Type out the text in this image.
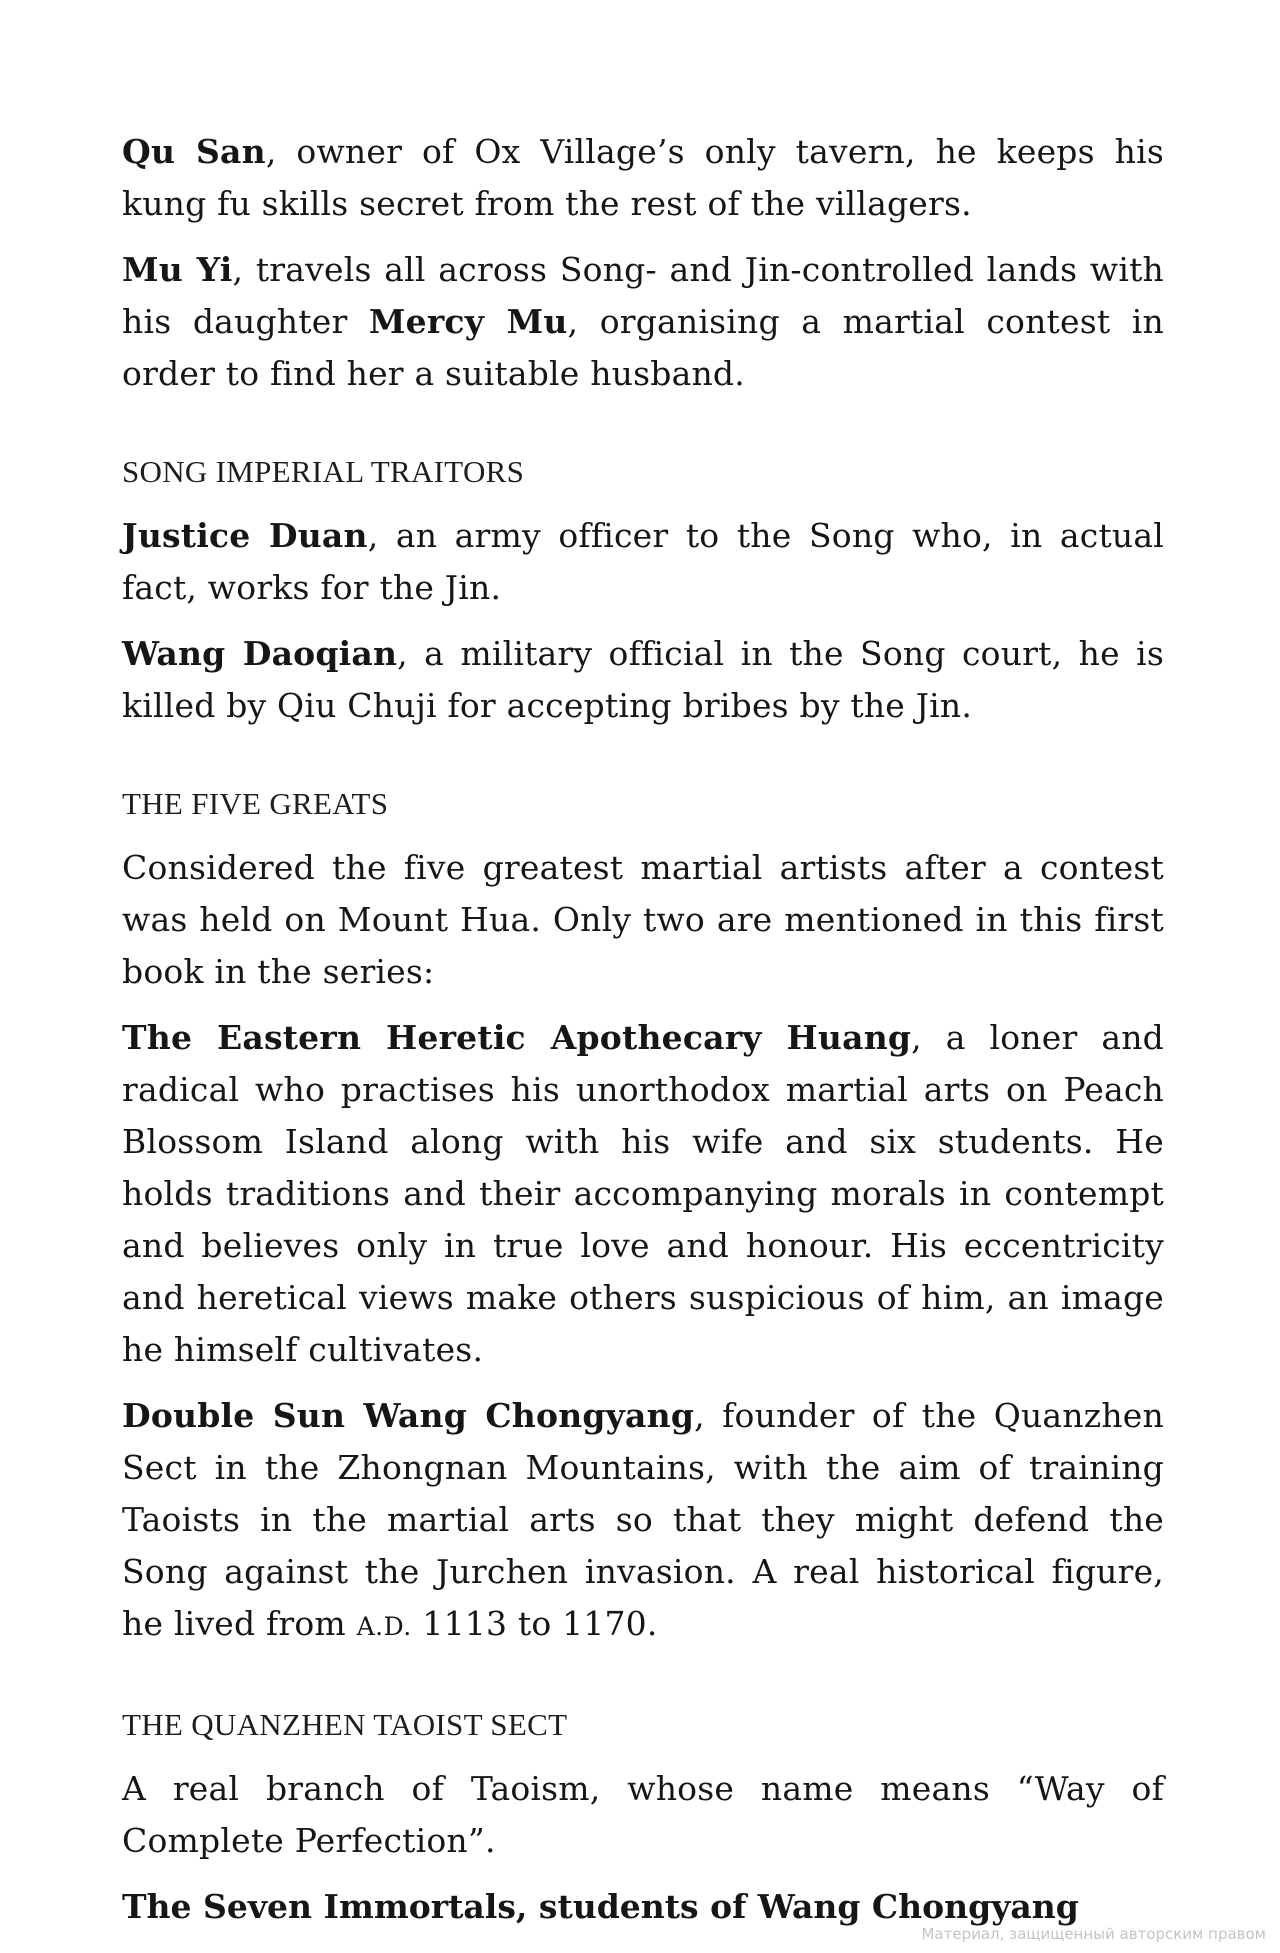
Qu San, owner of Ox Village’s only tavern, he keeps his kung fu skills secret from the rest of the villagers.

Mu Yi, travels all across Song- and Jin-controlled lands with his daughter Mercy Mu, organising a martial contest in order to find her a suitable husband.

SONG IMPERIAL TRAITORS

Justice Duan, an army officer to the Song who, in actual fact, works for the Jin.

Wang Daoqian, a military official in the Song court, he is killed by Qiu Chuji for accepting bribes by the Jin.

THE FIVE GREATS

Considered the five greatest martial artists after a contest was held on Mount Hua. Only two are mentioned in this first book in the series:

The Eastern Heretic Apothecary Huang, a loner and radical who practises his unorthodox martial arts on Peach Blossom Island along with his wife and six students. He holds traditions and their accompanying morals in contempt and believes only in true love and honour. His eccentricity and heretical views make others suspicious of him, an image he himself cultivates.

Double Sun Wang Chongyang, founder of the Quanzhen Sect in the Zhongnan Mountains, with the aim of training Taoists in the martial arts so that they might defend the Song against the Jurchen invasion. A real historical figure, he lived from A.D. 1113 to 1170.

THE QUANZHEN TAOIST SECT

A real branch of Taoism, whose name means “Way of Complete Perfection”.

The Seven Immortals, students of Wang Chongyang

Материал, защищенный авторским правом
